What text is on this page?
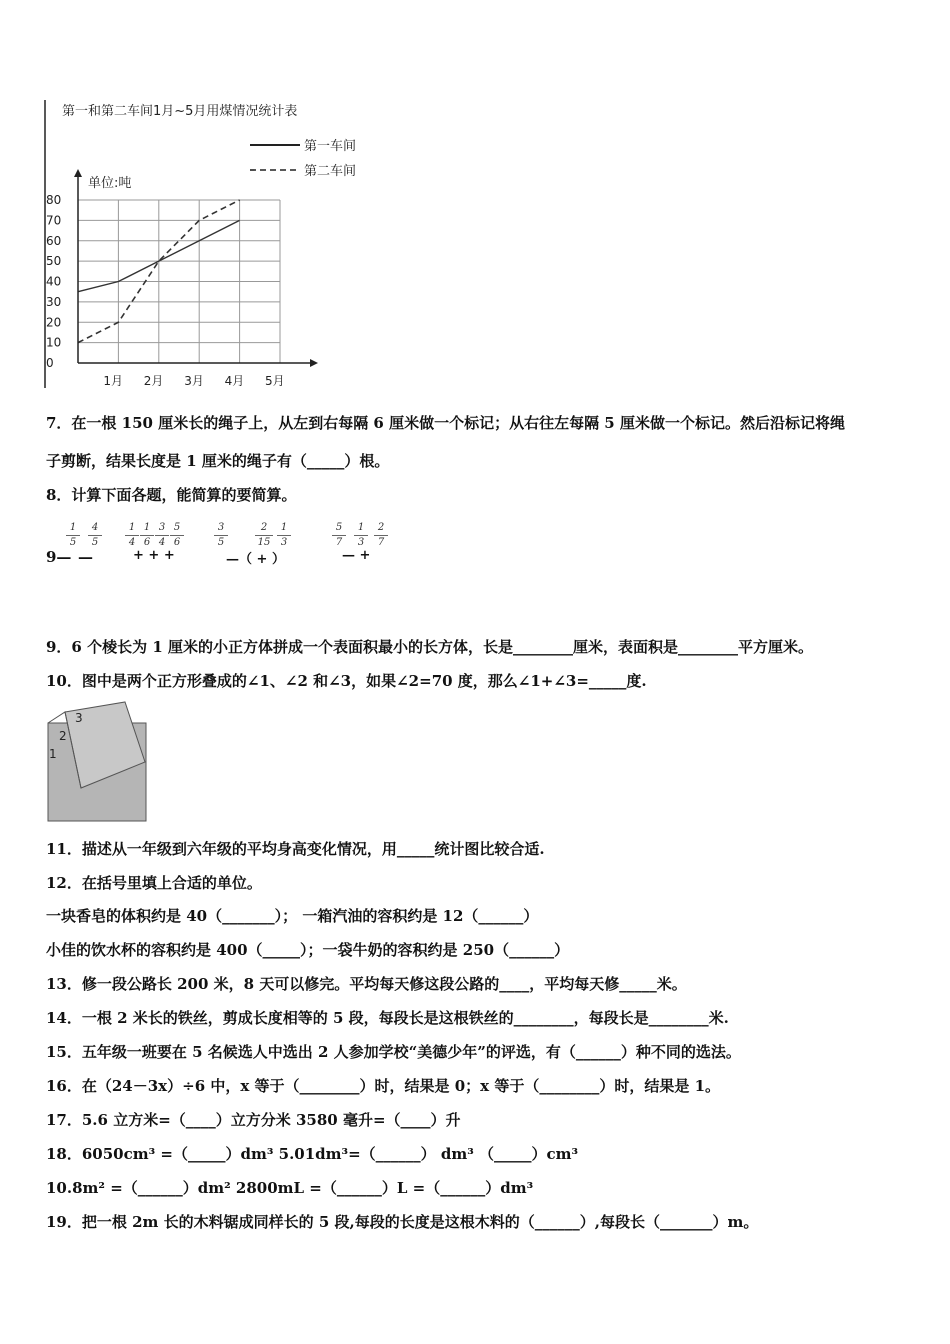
第一和第二车间1月~5月用煤情况统计表
第一车间
第二车间
单位:吨
0
10
20
30
40
50
60
70
80
1月 2月 3月 4月 5月
7．在一根 150 厘米长的绳子上，从左到右每隔 6 厘米做一个标记；从右往左每隔 5 厘米做一个标记。然后沿标记将绳
子剪断，结果长度是 1 厘米的绳子有（_____）根。
8．计算下面各题，能简算的要简算。
9—
1
5
—
4
5
1
4
1
6
3
4
5
6
+ + +
3
5
2
15
1
3
—（ + ）
5
7
1
3
2
7
— +
9．6 个棱长为 1 厘米的小正方体拼成一个表面积最小的长方体，长是________厘米，表面积是________平方厘米。
10．图中是两个正方形叠成的∠1、∠2 和∠3，如果∠2=70 度，那么∠1+∠3=_____度.
3
2
1
11．描述从一年级到六年级的平均身高变化情况，用_____统计图比较合适.
12．在括号里填上合适的单位。
一块香皂的体积约是 40（_______）； 一箱汽油的容积约是 12（______）
小佳的饮水杯的容积约是 400（_____）；一袋牛奶的容积约是 250（______）
13．修一段公路长 200 米，8 天可以修完。平均每天修这段公路的____，平均每天修_____米。
14．一根 2 米长的铁丝，剪成长度相等的 5 段，每段长是这根铁丝的________，每段长是________米.
15．五年级一班要在 5 名候选人中选出 2 人参加学校“美德少年”的评选，有（______）种不同的选法。
16．在（24－3x）÷6 中，x 等于（________）时，结果是 0；x 等于（________）时，结果是 1。
17．5.6 立方米=（____）立方分米 3580 毫升=（____）升
18．6050cm³ =（_____）dm³ 5.01dm³=（______） dm³ （_____）cm³
10.8m² =（______）dm² 2800mL =（______）L =（______）dm³
19．把一根 2m 长的木料锯成同样长的 5 段,每段的长度是这根木料的（______）,每段长（_______）m。
